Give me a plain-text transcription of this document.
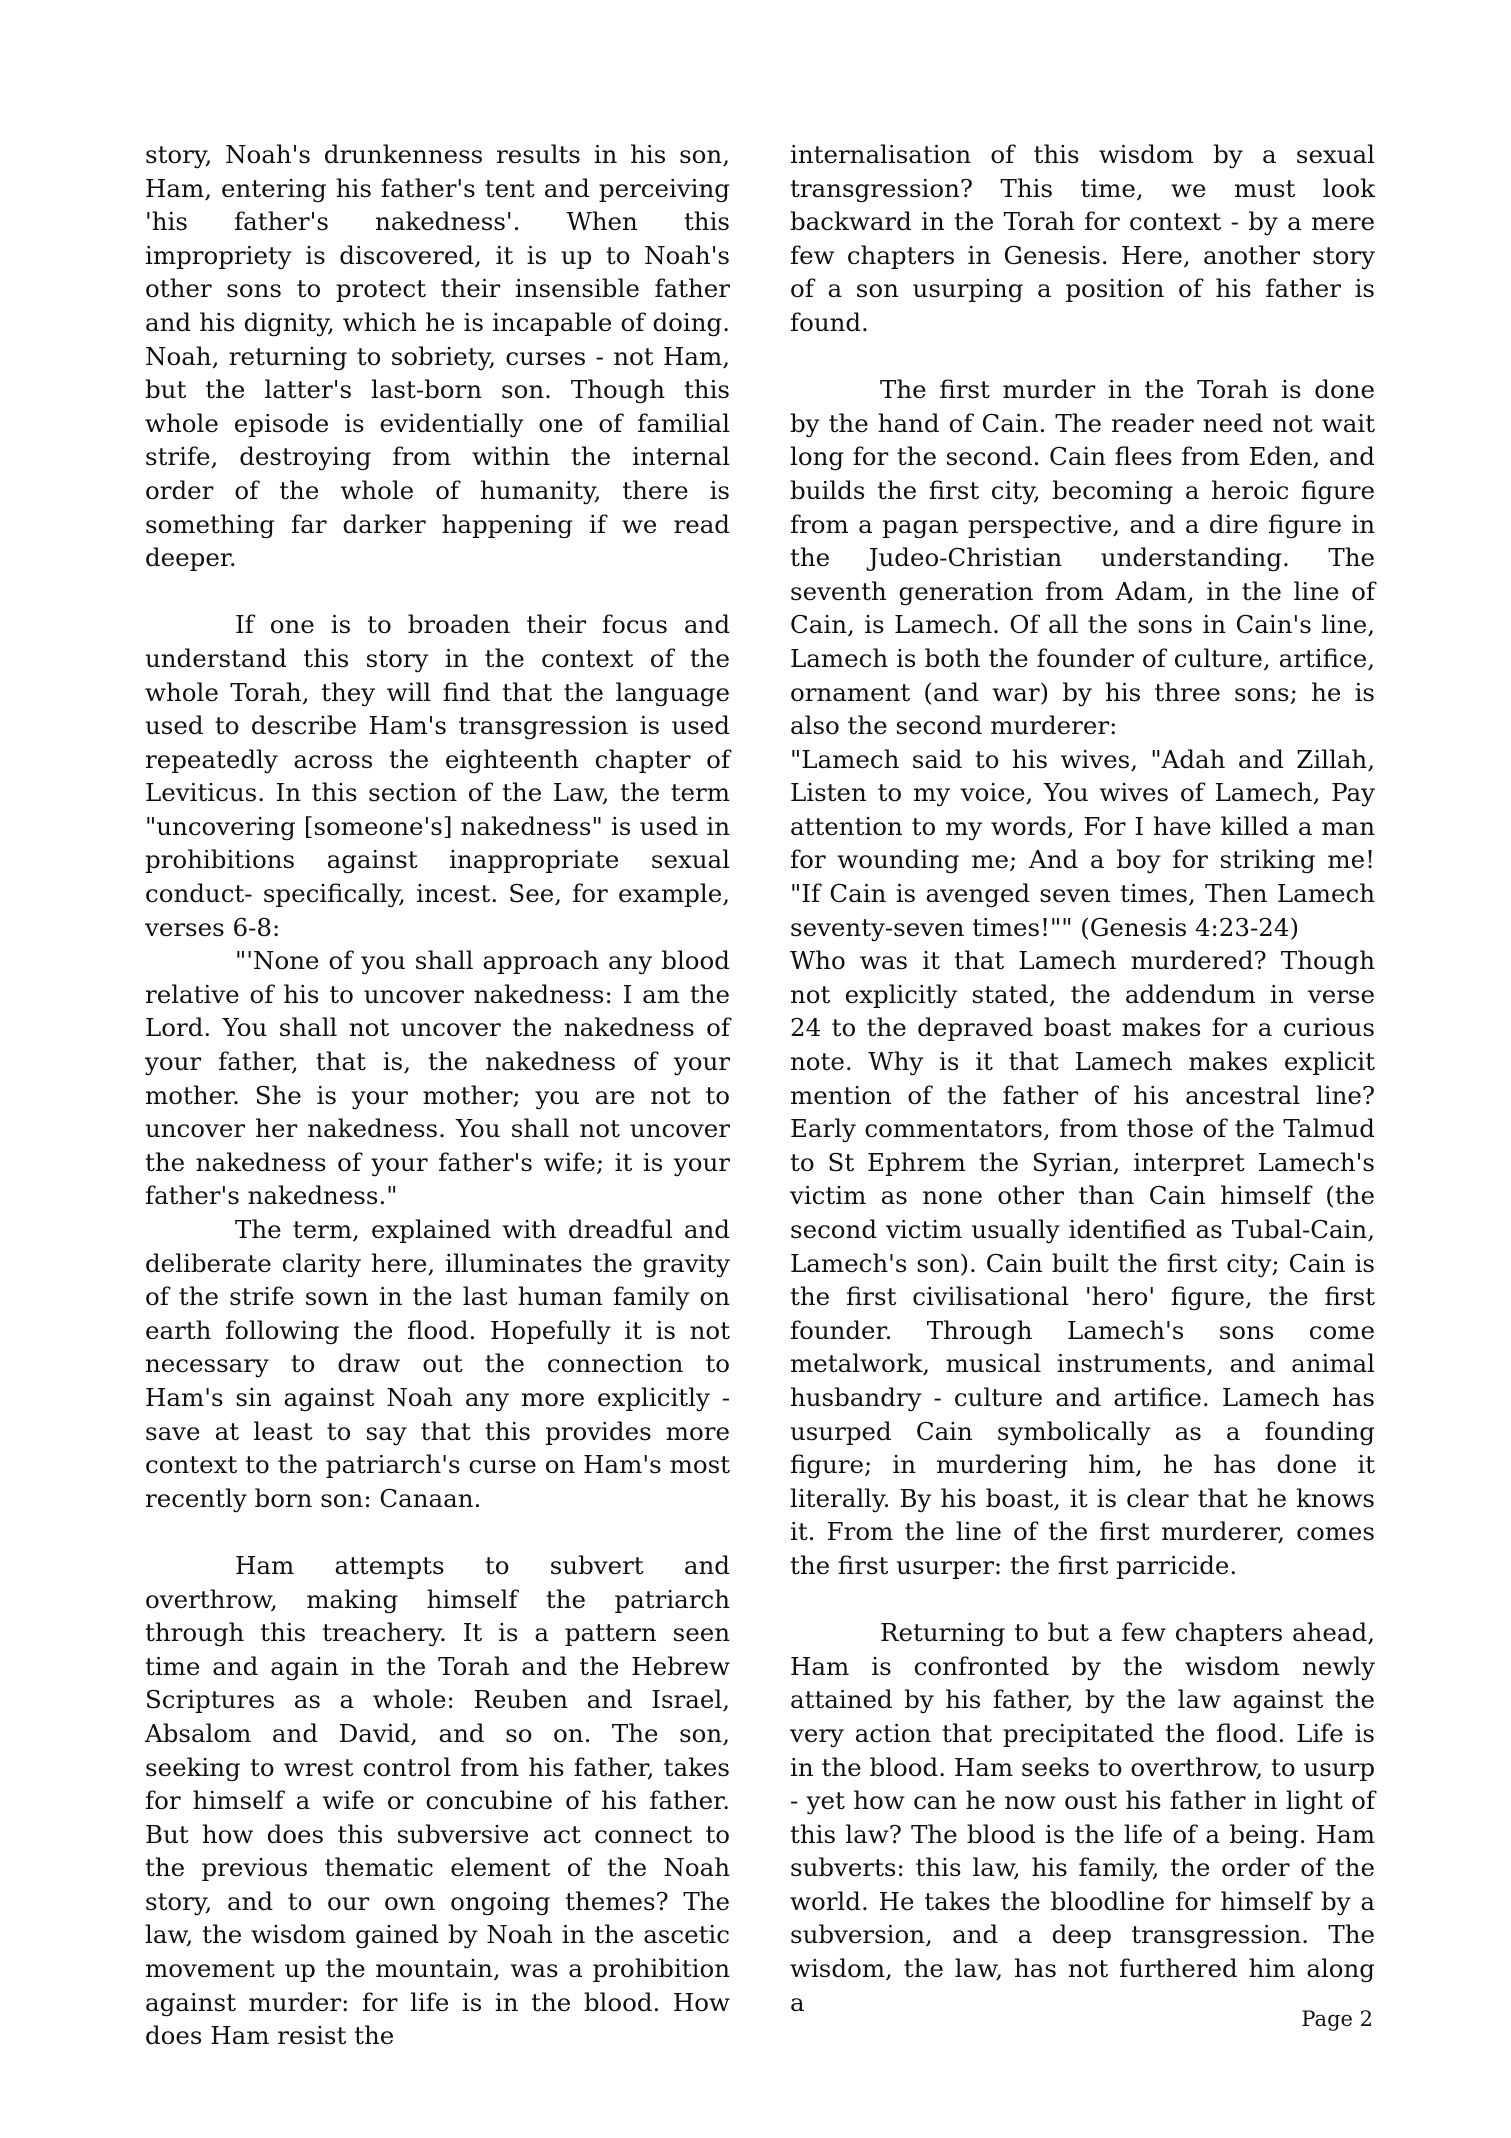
story, Noah's drunkenness results in his son, Ham, entering his father's tent and perceiving 'his father's nakedness'. When this impropriety is discovered, it is up to Noah's other sons to protect their insensible father and his dignity, which he is incapable of doing. Noah, returning to sobriety, curses - not Ham, but the latter's last-born son. Though this whole episode is evidentially one of familial strife, destroying from within the internal order of the whole of humanity, there is something far darker happening if we read deeper.

If one is to broaden their focus and understand this story in the context of the whole Torah, they will find that the language used to describe Ham's transgression is used repeatedly across the eighteenth chapter of Leviticus. In this section of the Law, the term "uncovering [someone's] nakedness" is used in prohibitions against inappropriate sexual conduct- specifically, incest. See, for example, verses 6-8:

"'None of you shall approach any blood relative of his to uncover nakedness: I am the Lord. You shall not uncover the nakedness of your father, that is, the nakedness of your mother. She is your mother; you are not to uncover her nakedness. You shall not uncover the nakedness of your father's wife; it is your father's nakedness."

The term, explained with dreadful and deliberate clarity here, illuminates the gravity of the strife sown in the last human family on earth following the flood. Hopefully it is not necessary to draw out the connection to Ham's sin against Noah any more explicitly - save at least to say that this provides more context to the patriarch's curse on Ham's most recently born son: Canaan.

Ham attempts to subvert and overthrow, making himself the patriarch through this treachery. It is a pattern seen time and again in the Torah and the Hebrew Scriptures as a whole: Reuben and Israel, Absalom and David, and so on. The son, seeking to wrest control from his father, takes for himself a wife or concubine of his father. But how does this subversive act connect to the previous thematic element of the Noah story, and to our own ongoing themes? The law, the wisdom gained by Noah in the ascetic movement up the mountain, was a prohibition against murder: for life is in the blood. How does Ham resist the

internalisation of this wisdom by a sexual transgression? This time, we must look backward in the Torah for context - by a mere few chapters in Genesis. Here, another story of a son usurping a position of his father is found.

The first murder in the Torah is done by the hand of Cain. The reader need not wait long for the second. Cain flees from Eden, and builds the first city, becoming a heroic figure from a pagan perspective, and a dire figure in the Judeo-Christian understanding. The seventh generation from Adam, in the line of Cain, is Lamech. Of all the sons in Cain's line, Lamech is both the founder of culture, artifice, ornament (and war) by his three sons; he is also the second murderer:

"Lamech said to his wives, "Adah and Zillah, Listen to my voice, You wives of Lamech, Pay attention to my words, For I have killed a man for wounding me; And a boy for striking me! "If Cain is avenged seven times, Then Lamech seventy-seven times!"" (Genesis 4:23-24)

Who was it that Lamech murdered? Though not explicitly stated, the addendum in verse 24 to the depraved boast makes for a curious note. Why is it that Lamech makes explicit mention of the father of his ancestral line? Early commentators, from those of the Talmud to St Ephrem the Syrian, interpret Lamech's victim as none other than Cain himself (the second victim usually identified as Tubal-Cain, Lamech's son). Cain built the first city; Cain is the first civilisational 'hero' figure, the first founder. Through Lamech's sons come metalwork, musical instruments, and animal husbandry - culture and artifice. Lamech has usurped Cain symbolically as a founding figure; in murdering him, he has done it literally. By his boast, it is clear that he knows it. From the line of the first murderer, comes the first usurper: the first parricide.

Returning to but a few chapters ahead, Ham is confronted by the wisdom newly attained by his father, by the law against the very action that precipitated the flood. Life is in the blood. Ham seeks to overthrow, to usurp - yet how can he now oust his father in light of this law? The blood is the life of a being. Ham subverts: this law, his family, the order of the world. He takes the bloodline for himself by a subversion, and a deep transgression. The wisdom, the law, has not furthered him along a

Page 2
